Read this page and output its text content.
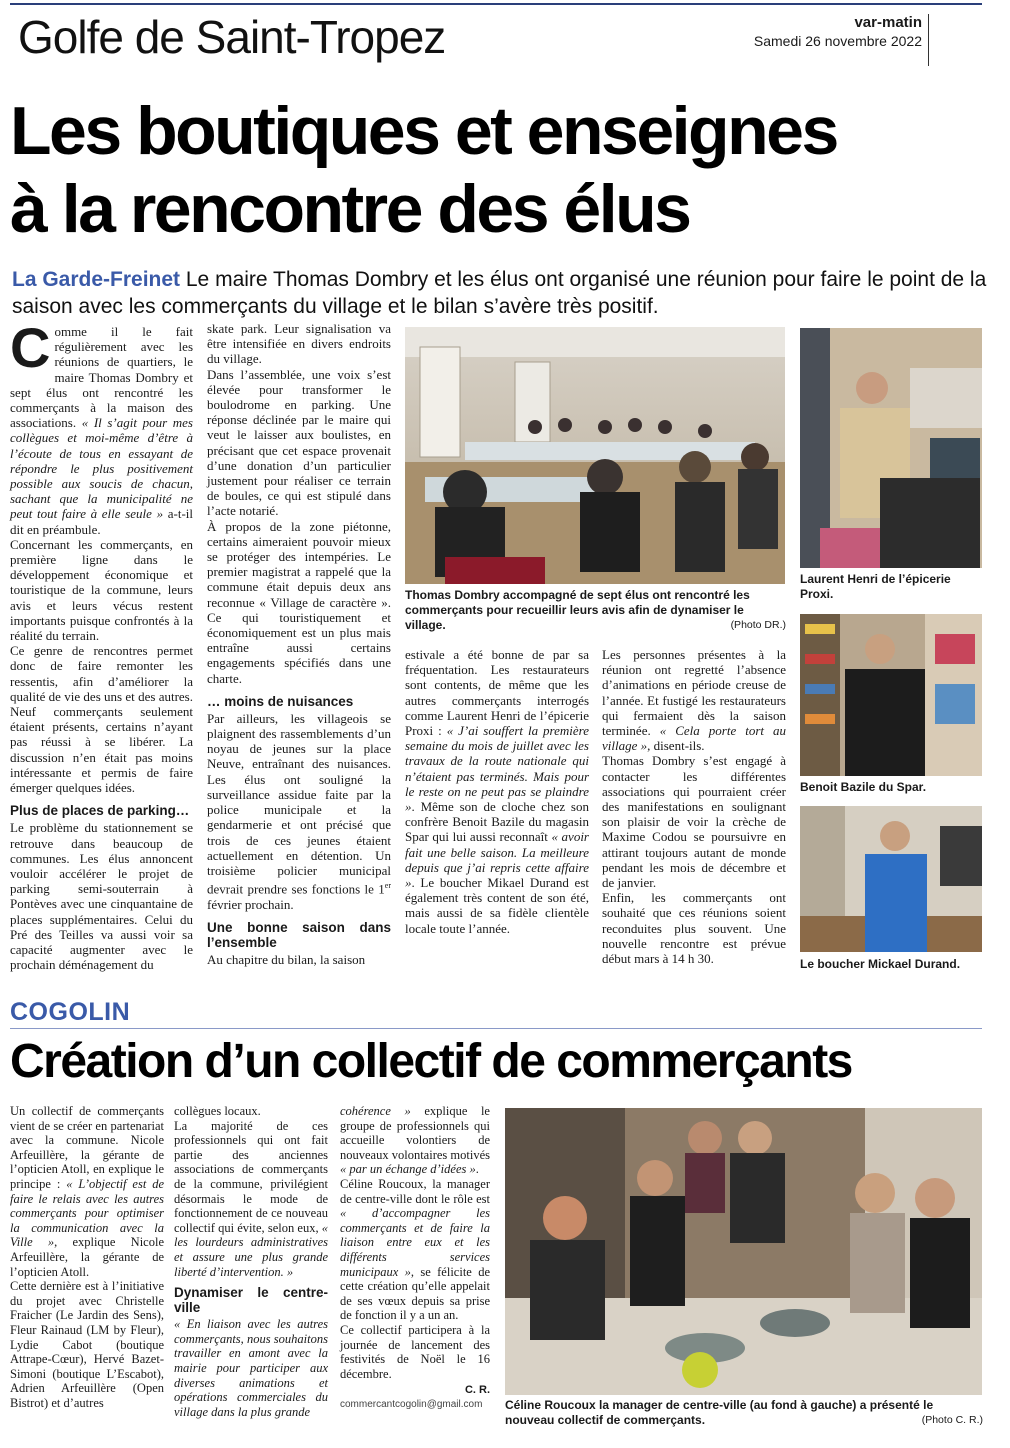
Golfe de Saint-Tropez	var-matin
Samedi 26 novembre 2022
Les boutiques et enseignes
à la rencontre des élus
La Garde-Freinet Le maire Thomas Dombry et les élus ont organisé une réunion pour faire le point de la saison avec les commerçants du village et le bilan s’avère très positif.

Comme il le fait régulièrement avec les réunions de quartiers, le maire Thomas Dombry et sept élus ont rencontré les commerçants à la maison des associations. « Il s’agit pour mes collègues et moi-même d’être à l’écoute de tous en essayant de répondre le plus positivement possible aux soucis de chacun, sachant que la municipalité ne peut tout faire à elle seule » a-t-il dit en préambule.

Concernant les commerçants, en première ligne dans le développement économique et touristique de la commune, leurs avis et leurs vécus restent importants puisque confrontés à la réalité du terrain.

Ce genre de rencontres permet donc de faire remonter les ressentis, afin d’améliorer la qualité de vie des uns et des autres. Neuf commerçants seulement étaient présents, certains n’ayant pas réussi à se libérer. La discussion n’en était pas moins intéressante et permis de faire émerger quelques idées.

Plus de places de parking…

Le problème du stationnement se retrouve dans beaucoup de communes. Les élus annoncent vouloir accélérer le projet de parking semi-souterrain à Pontèves avec une cinquantaine de places supplémentaires. Celui du Pré des Teilles va aussi voir sa capacité augmenter avec le prochain déménagement du

skate park. Leur signalisation va être intensifiée en divers endroits du village.

Dans l’assemblée, une voix s’est élevée pour transformer le boulodrome en parking. Une réponse déclinée par le maire qui veut le laisser aux boulistes, en précisant que cet espace provenait d’une donation d’un particulier justement pour réaliser ce terrain de boules, ce qui est stipulé dans l’acte notarié.

À propos de la zone piétonne, certains aimeraient pouvoir mieux se protéger des intempéries. Le premier magistrat a rappelé que la commune était depuis deux ans reconnue « Village de caractère ». Ce qui touristiquement et économiquement est un plus mais entraîne aussi certains engagements spécifiés dans une charte.

… moins de nuisances

Par ailleurs, les villageois se plaignent des rassemblements d’un noyau de jeunes sur la place Neuve, entraînant des nuisances. Les élus ont souligné la surveillance assidue faite par la police municipale et la gendarmerie et ont précisé que trois de ces jeunes étaient actuellement en détention. Un troisième policier municipal devrait prendre ses fonctions le 1er février prochain.

Une bonne saison dans l’ensemble

Au chapitre du bilan, la saison

Thomas Dombry accompagné de sept élus ont rencontré les commerçants pour recueillir leurs avis afin de dynamiser le village.	(Photo DR.)

estivale a été bonne de par sa fréquentation. Les restaurateurs sont contents, de même que les autres commerçants interrogés comme Laurent Henri de l’épicerie Proxi : « J’ai souffert la première semaine du mois de juillet avec les travaux de la route nationale qui n’étaient pas terminés. Mais pour le reste on ne peut pas se plaindre ». Même son de cloche chez son confrère Benoit Bazile du magasin Spar qui lui aussi reconnaît « avoir fait une belle saison. La meilleure depuis que j’ai repris cette affaire ». Le boucher Mikael Durand est également très content de son été, mais aussi de sa fidèle clientèle locale toute l’année.

Les personnes présentes à la réunion ont regretté l’absence d’animations en période creuse de l’année. Et fustigé les restaurateurs qui fermaient dès la saison terminée. « Cela porte tort au village », disent-ils.

Thomas Dombry s’est engagé à contacter les différentes associations qui pourraient créer des manifestations en soulignant son plaisir de voir la crèche de Maxime Codou se poursuivre en attirant toujours autant de monde pendant les mois de décembre et de janvier.

Enfin, les commerçants ont souhaité que ces réunions soient reconduites plus souvent. Une nouvelle rencontre est prévue début mars à 14 h 30.

Laurent Henri de l’épicerie Proxi.
Benoit Bazile du Spar.
Le boucher Mickael Durand.
COGOLIN
Création d’un collectif de commerçants
Un collectif de commerçants vient de se créer en partenariat avec la commune. Nicole Arfeuillère, la gérante de l’opticien Atoll, en explique le principe : « L’objectif est de faire le relais avec les autres commerçants pour optimiser la communication avec la Ville », explique Nicole Arfeuillère, la gérante de l’opticien Atoll.

Cette dernière est à l’initiative du projet avec Christelle Fraicher (Le Jardin des Sens), Fleur Rainaud (LM by Fleur), Lydie Cabot (boutique Attrape-Cœur), Hervé Bazet-Simoni (boutique L’Escabot), Adrien Arfeuillère (Open Bistrot) et d’autres

collègues locaux.

La majorité de ces professionnels qui ont fait partie des anciennes associations de commerçants de la commune, privilégient désormais le mode de fonctionnement de ce nouveau collectif qui évite, selon eux, « les lourdeurs administratives et assure une plus grande liberté d’intervention. »

Dynamiser le centre-ville

« En liaison avec les autres commerçants, nous souhaitons travailler en amont avec la mairie pour participer aux diverses animations et opérations commerciales du village dans la plus grande

cohérence » explique le groupe de professionnels qui accueille volontiers de nouveaux volontaires motivés « par un échange d’idées ».

Céline Roucoux, la manager de centre-ville dont le rôle est « d’accompagner les commerçants et de faire la liaison entre eux et les différents services municipaux », se félicite de cette création qu’elle appelait de ses vœux depuis sa prise de fonction il y a un an.

Ce collectif participera à la journée de lancement des festivités de Noël le 16 décembre.

C. R.
commercantcogolin@gmail.com	Céline Roucoux la manager de centre-ville (au fond à gauche) a présenté le nouveau collectif de commerçants.	(Photo C. R.)
